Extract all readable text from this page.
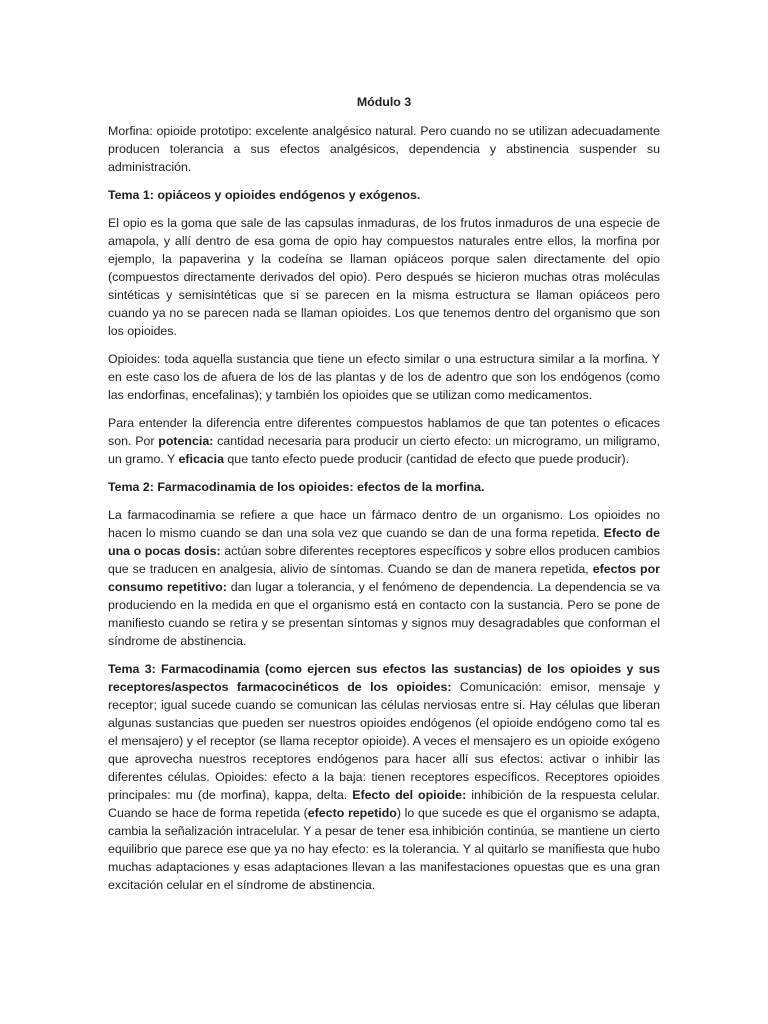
Módulo 3

Morfina: opioide prototipo: excelente analgésico natural. Pero cuando no se utilizan adecuadamente producen tolerancia a sus efectos analgésicos, dependencia y abstinencia suspender su administración.

Tema 1: opiáceos y opioides endógenos y exógenos.

El opio es la goma que sale de las capsulas inmaduras, de los frutos inmaduros de una especie de amapola, y allí dentro de esa goma de opio hay compuestos naturales entre ellos, la morfina por ejemplo, la papaverina y la codeína se llaman opiáceos porque salen directamente del opio (compuestos directamente derivados del opio). Pero después se hicieron muchas otras moléculas sintéticas y semisintéticas que si se parecen en la misma estructura se llaman opiáceos pero cuando ya no se parecen nada se llaman opioides. Los que tenemos dentro del organismo que son los opioides.

Opioides: toda aquella sustancia que tiene un efecto similar o una estructura similar a la morfina. Y en este caso los de afuera de los de las plantas y de los de adentro que son los endógenos (como las endorfinas, encefalinas); y también los opioides que se utilizan como medicamentos.

Para entender la diferencia entre diferentes compuestos hablamos de que tan potentes o eficaces son. Por potencia: cantidad necesaria para producir un cierto efecto: un microgramo, un miligramo, un gramo. Y eficacia que tanto efecto puede producir (cantidad de efecto que puede producir).

Tema 2: Farmacodinamia de los opioides: efectos de la morfina.

La farmacodinamia se refiere a que hace un fármaco dentro de un organismo. Los opioides no hacen lo mismo cuando se dan una sola vez que cuando se dan de una forma repetida. Efecto de una o pocas dosis: actúan sobre diferentes receptores específicos y sobre ellos producen cambios que se traducen en analgesia, alivio de síntomas. Cuando se dan de manera repetida, efectos por consumo repetitivo: dan lugar a tolerancia, y el fenómeno de dependencia. La dependencia se va produciendo en la medida en que el organismo está en contacto con la sustancia. Pero se pone de manifiesto cuando se retira y se presentan síntomas y signos muy desagradables que conforman el síndrome de abstinencia.

Tema 3: Farmacodinamia (como ejercen sus efectos las sustancias) de los opioides y sus receptores/aspectos farmacocinéticos de los opioides: Comunicación: emisor, mensaje y receptor; igual sucede cuando se comunican las células nerviosas entre si. Hay células que liberan algunas sustancias que pueden ser nuestros opioides endógenos (el opioide endógeno como tal es el mensajero) y el receptor (se llama receptor opioide). A veces el mensajero es un opioide exógeno que aprovecha nuestros receptores endógenos para hacer allí sus efectos: activar o inhibir las diferentes células. Opioides: efecto a la baja: tienen receptores específicos. Receptores opioides principales: mu (de morfina), kappa, delta. Efecto del opioide: inhibición de la respuesta celular. Cuando se hace de forma repetida (efecto repetido) lo que sucede es que el organismo se adapta, cambia la señalización intracelular. Y a pesar de tener esa inhibición continúa, se mantiene un cierto equilibrio que parece ese que ya no hay efecto: es la tolerancia. Y al quitarlo se manifiesta que hubo muchas adaptaciones y esas adaptaciones llevan a las manifestaciones opuestas que es una gran excitación celular en el síndrome de abstinencia.
